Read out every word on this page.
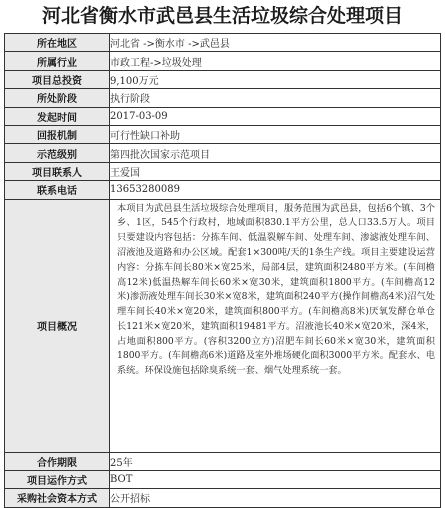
河北省衡水市武邑县生活垃圾综合处理项目
所在地区	河北省 ->衡水市 ->武邑县
所属行业	市政工程->垃圾处理
项目总投资	9,100万元
所处阶段	执行阶段
发起时间	2017-03-09
回报机制	可行性缺口补助
示范级别	第四批次国家示范项目
项目联系人	王爱国
联系电话	13653280089
项目概况	本项目为武邑县生活垃圾综合处理项目，服务范围为武邑县，包括6个镇、3个乡、1区，545个行政村，地域面积830.1平方公里，总人口33.5万人。项目只要建设内容包括：分拣车间、低温裂解车间、处理车间、渗滤液处理车间、沼液池及道路和办公区域。配套1×300吨/天的1条生产线。项目主要建设运营内容：分拣车间长80米×宽25米，局部4层，建筑面积2480平方米。(车间檐高12米)低温热解车间长60米×宽30米，建筑面积1800平方。(车间檐高12米)渗沥液处理车间长30米×宽8米，建筑面积240平方(操作间檐高4米)沼气处理车间长40米×宽20米，建筑面积800平方。(车间檐高8米)厌氧发酵仓单仓长121米×宽20米，建筑面积19481平方。沼液池长40米×宽20米，深4米，占地面积800平方。(容积3200立方)沼肥车间长60米×宽30米，建筑面积1800平方。(车间檐高6米)道路及室外堆场硬化面积3000平方米。配套水、电系统。环保设施包括除臭系统一套、烟气处理系统一套。
合作期限	25年
项目运作方式	BOT
采购社会资本方式	公开招标
